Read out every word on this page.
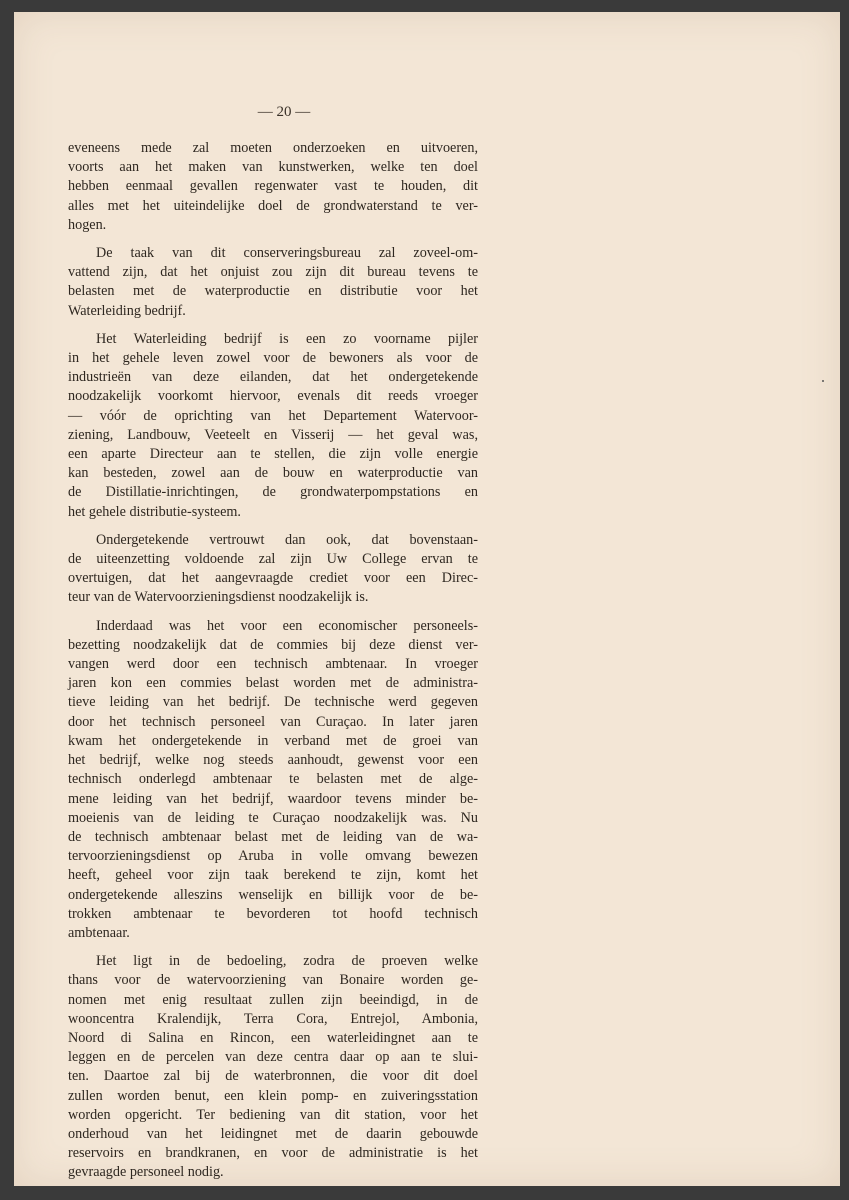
— 20 —

eveneens mede zal moeten onderzoeken en uitvoeren,
voorts aan het maken van kunstwerken, welke ten doel
hebben eenmaal gevallen regenwater vast te houden, dit
alles met het uiteindelijke doel de grondwaterstand te ver-
hogen.

De taak van dit conserveringsbureau zal zoveel-om-
vattend zijn, dat het onjuist zou zijn dit bureau tevens te
belasten met de waterproductie en distributie voor het
Waterleiding bedrijf.

Het Waterleiding bedrijf is een zo voorname pijler
in het gehele leven zowel voor de bewoners als voor de
industrieën van deze eilanden, dat het ondergetekende
noodzakelijk voorkomt hiervoor, evenals dit reeds vroeger
— vóór de oprichting van het Departement Watervoor-
ziening, Landbouw, Veeteelt en Visserij — het geval was,
een aparte Directeur aan te stellen, die zijn volle energie
kan besteden, zowel aan de bouw en waterproductie van
de Distillatie-inrichtingen, de grondwaterpompstations en
het gehele distributie-systeem.

Ondergetekende vertrouwt dan ook, dat bovenstaan-
de uiteenzetting voldoende zal zijn Uw College ervan te
overtuigen, dat het aangevraagde crediet voor een Direc-
teur van de Watervoorzieningsdienst noodzakelijk is.

Inderdaad was het voor een economischer personeels-
bezetting noodzakelijk dat de commies bij deze dienst ver-
vangen werd door een technisch ambtenaar. In vroeger
jaren kon een commies belast worden met de administra-
tieve leiding van het bedrijf. De technische werd gegeven
door het technisch personeel van Curaçao. In later jaren
kwam het ondergetekende in verband met de groei van
het bedrijf, welke nog steeds aanhoudt, gewenst voor een
technisch onderlegd ambtenaar te belasten met de alge-
mene leiding van het bedrijf, waardoor tevens minder be-
moeienis van de leiding te Curaçao noodzakelijk was. Nu
de technisch ambtenaar belast met de leiding van de wa-
tervoorzieningsdienst op Aruba in volle omvang bewezen
heeft, geheel voor zijn taak berekend te zijn, komt het
ondergetekende alleszins wenselijk en billijk voor de be-
trokken ambtenaar te bevorderen tot hoofd technisch
ambtenaar.

Het ligt in de bedoeling, zodra de proeven welke
thans voor de watervoorziening van Bonaire worden ge-
nomen met enig resultaat zullen zijn beeindigd, in de
wooncentra Kralendijk, Terra Cora, Entrejol, Ambonia,
Noord di Salina en Rincon, een waterleidingnet aan te
leggen en de percelen van deze centra daar op aan te slui-
ten. Daartoe zal bij de waterbronnen, die voor dit doel
zullen worden benut, een klein pomp- en zuiveringsstation
worden opgericht. Ter bediening van dit station, voor het
onderhoud van het leidingnet met de daarin gebouwde
reservoirs en brandkranen, en voor de administratie is het
gevraagde personeel nodig.
